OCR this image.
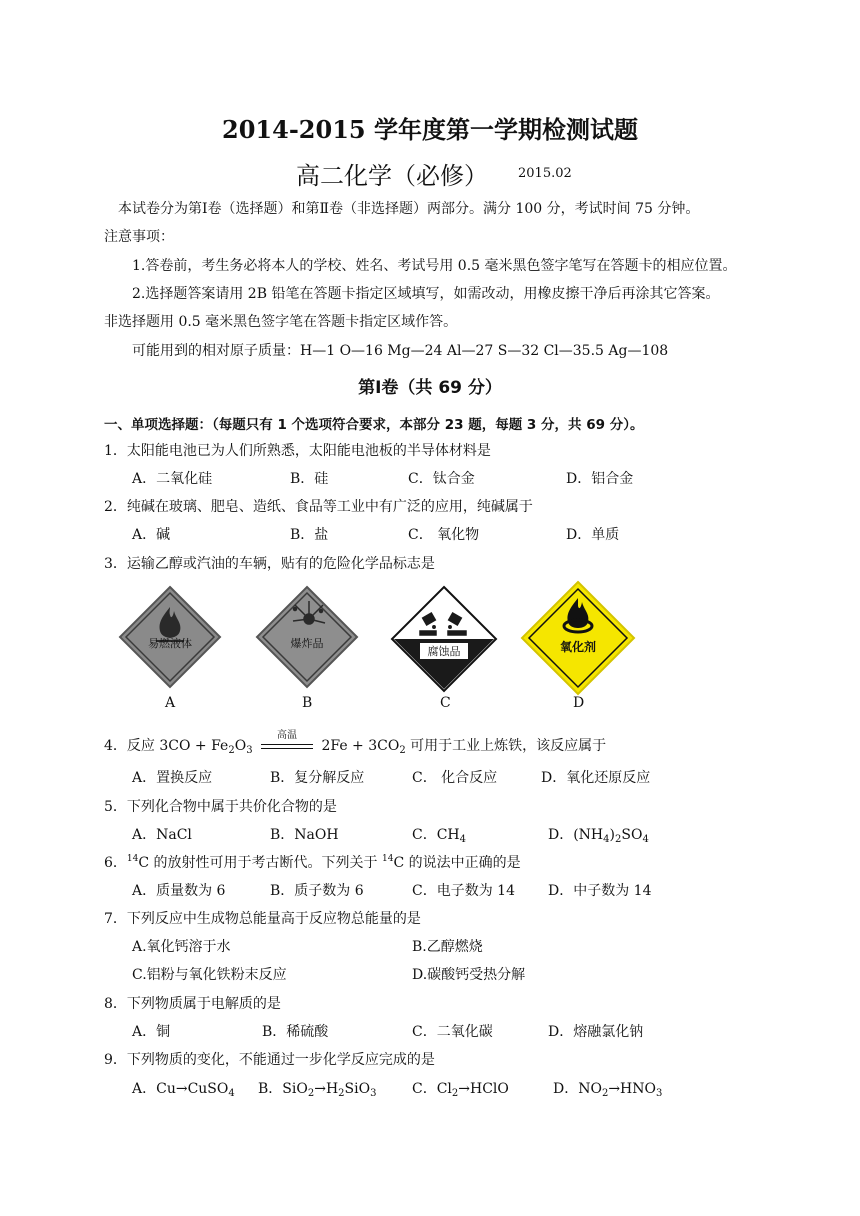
2014-2015 学年度第一学期检测试题
高二化学（必修） 2015.02
本试卷分为第Ⅰ卷（选择题）和第Ⅱ卷（非选择题）两部分。满分 100 分，考试时间 75 分钟。
注意事项：
1.答卷前，考生务必将本人的学校、姓名、考试号用 0.5 毫米黑色签字笔写在答题卡的相应位置。
2.选择题答案请用 2B 铅笔在答题卡指定区域填写，如需改动，用橡皮擦干净后再涂其它答案。
非选择题用 0.5 毫米黑色签字笔在答题卡指定区域作答。
可能用到的相对原子质量：H—1 O—16 Mg—24 Al—27 S—32 Cl—35.5 Ag—108
第Ⅰ卷（共 69 分）
一、单项选择题：（每题只有 1 个选项符合要求，本部分 23 题，每题 3 分，共 69 分）。
1．太阳能电池已为人们所熟悉，太阳能电池板的半导体材料是
A．二氧化硅	B．硅	C．钛合金	D．铝合金
2．纯碱在玻璃、肥皂、造纸、食品等工业中有广泛的应用，纯碱属于
A．碱	B．盐	C． 氧化物	D．单质
3．运输乙醇或汽油的车辆，贴有的危险化学品标志是
易燃液体
A
爆炸品
B
腐蚀品
C
氧化剂
D
4．反应 $3CO + Fe_2O_3$
高温
$2Fe + 3CO_2$ 可用于工业上炼铁，该反应属于
A．置换反应	B．复分解反应	C． 化合反应	D．氧化还原反应
5．下列化合物中属于共价化合物的是
A．NaCl	B．NaOH	C．$CH_4$	D．$(NH_4)_2SO_4$
6．$^{14}$C 的放射性可用于考古断代。下列关于 $^{14}$C 的说法中正确的是
A．质量数为 6	B．质子数为 6	C．电子数为 14 D．中子数为 14
7．下列反应中生成物总能量高于反应物总能量的是
A.氧化钙溶于水	B.乙醇燃烧
C.铝粉与氧化铁粉末反应	D.碳酸钙受热分解
8．下列物质属于电解质的是
A．铜	B．稀硫酸	C．二氧化碳	D．熔融氯化钠
9．下列物质的变化，不能通过一步化学反应完成的是
A．Cu→CuSO$_4$ B．$SiO_2\to H_2SiO_3$	C．$Cl_2\to HClO$	D．$NO_2\to HNO_3$
